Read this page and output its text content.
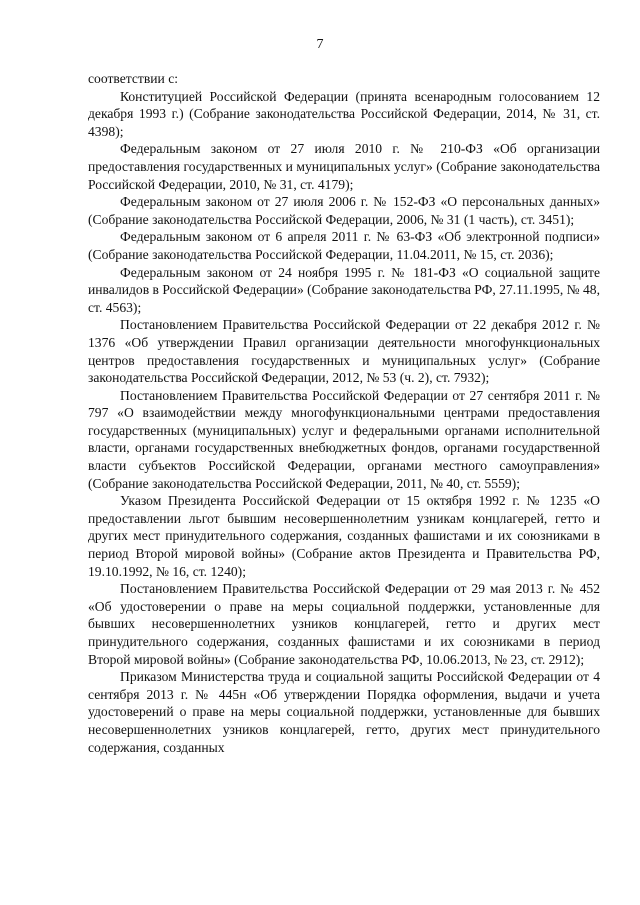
7

соответствии с:

Конституцией Российской Федерации (принята всенародным голосованием 12 декабря 1993 г.) (Собрание законодательства Российской Федерации, 2014, № 31, ст. 4398);

Федеральным законом от 27 июля 2010 г. № 210-ФЗ «Об организации предоставления государственных и муниципальных услуг» (Собрание законодательства Российской Федерации, 2010, № 31, ст. 4179);

Федеральным законом от 27 июля 2006 г. № 152-ФЗ «О персональных данных» (Собрание законодательства Российской Федерации, 2006, № 31 (1 часть), ст. 3451);

Федеральным законом от 6 апреля 2011 г. № 63-ФЗ «Об электронной подписи» (Собрание законодательства Российской Федерации, 11.04.2011, № 15, ст. 2036);

Федеральным законом от 24 ноября 1995 г. № 181-ФЗ «О социальной защите инвалидов в Российской Федерации» (Собрание законодательства РФ, 27.11.1995, № 48, ст. 4563);

Постановлением Правительства Российской Федерации от 22 декабря 2012 г. № 1376 «Об утверждении Правил организации деятельности многофункциональных центров предоставления государственных и муниципальных услуг» (Собрание законодательства Российской Федерации, 2012, № 53 (ч. 2), ст. 7932);

Постановлением Правительства Российской Федерации от 27 сентября 2011 г. № 797 «О взаимодействии между многофункциональными центрами предоставления государственных (муниципальных) услуг и федеральными органами исполнительной власти, органами государственных внебюджетных фондов, органами государственной власти субъектов Российской Федерации, органами местного самоуправления» (Собрание законодательства Российской Федерации, 2011, № 40, ст. 5559);

Указом Президента Российской Федерации от 15 октября 1992 г. № 1235 «О предоставлении льгот бывшим несовершеннолетним узникам концлагерей, гетто и других мест принудительного содержания, созданных фашистами и их союзниками в период Второй мировой войны» (Собрание актов Президента и Правительства РФ, 19.10.1992, № 16, ст. 1240);

Постановлением Правительства Российской Федерации от 29 мая 2013 г. № 452 «Об удостоверении о праве на меры социальной поддержки, установленные для бывших несовершеннолетних узников концлагерей, гетто и других мест принудительного содержания, созданных фашистами и их союзниками в период Второй мировой войны» (Собрание законодательства РФ, 10.06.2013, № 23, ст. 2912);

Приказом Министерства труда и социальной защиты Российской Федерации от 4 сентября 2013 г. № 445н «Об утверждении Порядка оформления, выдачи и учета удостоверений о праве на меры социальной поддержки, установленные для бывших несовершеннолетних узников концлагерей, гетто, других мест принудительного содержания, созданных
